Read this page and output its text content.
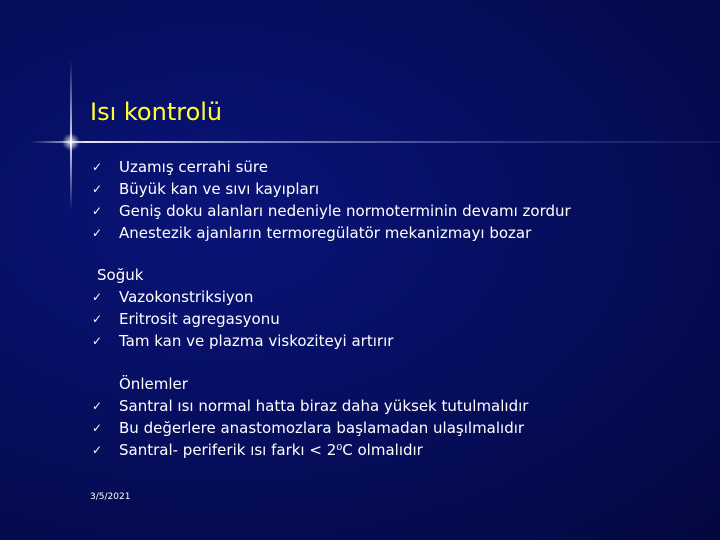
Isı kontrolü
✓ Uzamış cerrahi süre
✓ Büyük kan ve sıvı kayıpları
✓ Geniş doku alanları nedeniyle normoterminin devamı zordur
✓ Anestezik ajanların termoregülatör mekanizmayı bozar
Soğuk
✓ Vazokonstriksiyon
✓ Eritrosit agregasyonu
✓ Tam kan ve plazma viskoziteyi artırır
Önlemler
✓ Santral ısı normal hatta biraz daha yüksek tutulmalıdır
✓ Bu değerlere anastomozlara başlamadan ulaşılmalıdır
✓ Santral- periferik ısı farkı < 2⁰C olmalıdır
3/5/2021
